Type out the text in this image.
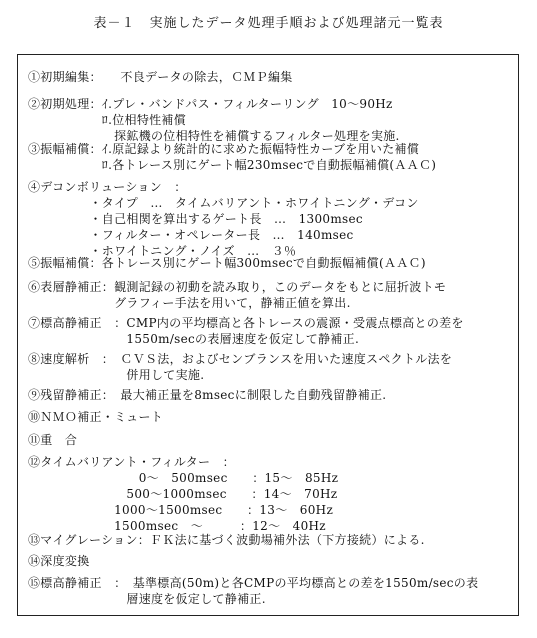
表－１　実施したデータ処理手順および処理諸元一覧表
①初期編集：　　不良データの除去，ＣＭＰ編集
②初期処理：ｲ.プレ・バンドパス・フィルターリング　10～90Hz
　　　　　　ﾛ.位相特性補償
　　　　　　　探鉱機の位相特性を補償するフィルター処理を実施.
③振幅補償：ｲ.原記録より統計的に求めた振幅特性カーブを用いた補償
　　　　　　ﾛ.各トレース別にゲート幅230msecで自動振幅補償(ＡＡＣ)
④デコンボリューション　：
　　　　　・タイプ　…　タイムバリアント・ホワイトニング・デコン
　　　　　・自己相関を算出するゲート長　…　1300msec
　　　　　・フィルター・オペレーター長　…　140msec
　　　　　・ホワイトニング・ノイズ　…　３％
⑤振幅補償：各トレース別にゲート幅300msecで自動振幅補償(ＡＡＣ)
⑥表層静補正：観測記録の初動を読み取り，このデータをもとに屈折波トモ
　　　　　　　グラフィー手法を用いて，静補正値を算出.
⑦標高静補正　：CMP内の平均標高と各トレースの震源・受震点標高との差を
　　　　　　　　1550m/secの表層速度を仮定して静補正.
⑧速度解析　：　ＣＶＳ法，およびセンブランスを用いた速度スペクトル法を
　　　　　　　　併用して実施.
⑨残留静補正：　最大補正量を8msecに制限した自動残留静補正.
⑩ＮＭＯ補正・ミュート
⑪重　合
⑫タイムバリアント・フィルター　：
　　　　　　　　　0～　500msec　　：15～　85Hz
　　　　　　　　500～1000msec　　：14～　70Hz
　　　　　　　1000～1500msec　　：13～　60Hz
　　　　　　　1500msec　～　　　：12～　40Hz
⑬マイグレーション：ＦＫ法に基づく波動場補外法（下方接続）による.
⑭深度変換
⑮標高静補正　：　基準標高(50m)と各CMPの平均標高との差を1550m/secの表
　　　　　　　　層速度を仮定して静補正.
